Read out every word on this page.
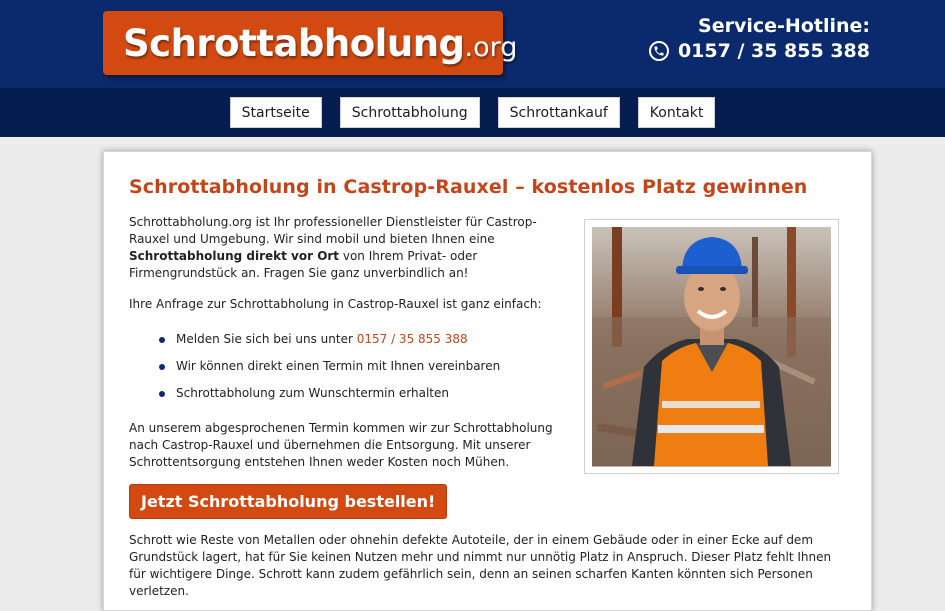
Schrottabholung .org
Service-Hotline:
0157 / 35 855 388
Startseite	Schrottabholung	Schrottankauf	Kontakt
Schrottabholung in Castrop-Rauxel – kostenlos Platz gewinnen

Schrottabholung.org ist Ihr professioneller Dienstleister für Castrop-Rauxel und Umgebung. Wir sind mobil und bieten Ihnen eine Schrottabholung direkt vor Ort von Ihrem Privat- oder Firmengrundstück an. Fragen Sie ganz unverbindlich an!

Ihre Anfrage zur Schrottabholung in Castrop-Rauxel ist ganz einfach:

Melden Sie sich bei uns unter 0157 / 35 855 388
Wir können direkt einen Termin mit Ihnen vereinbaren
Schrottabholung zum Wunschtermin erhalten

An unserem abgesprochenen Termin kommen wir zur Schrottabholung nach Castrop-Rauxel und übernehmen die Entsorgung. Mit unserer Schrottentsorgung entstehen Ihnen weder Kosten noch Mühen.

Jetzt Schrottabholung bestellen!

Schrott wie Reste von Metallen oder ohnehin defekte Autoteile, der in einem Gebäude oder in einer Ecke auf dem Grundstück lagert, hat für Sie keinen Nutzen mehr und nimmt nur unnötig Platz in Anspruch. Dieser Platz fehlt Ihnen für wichtigere Dinge. Schrott kann zudem gefährlich sein, denn an seinen scharfen Kanten könnten sich Personen verletzen.
